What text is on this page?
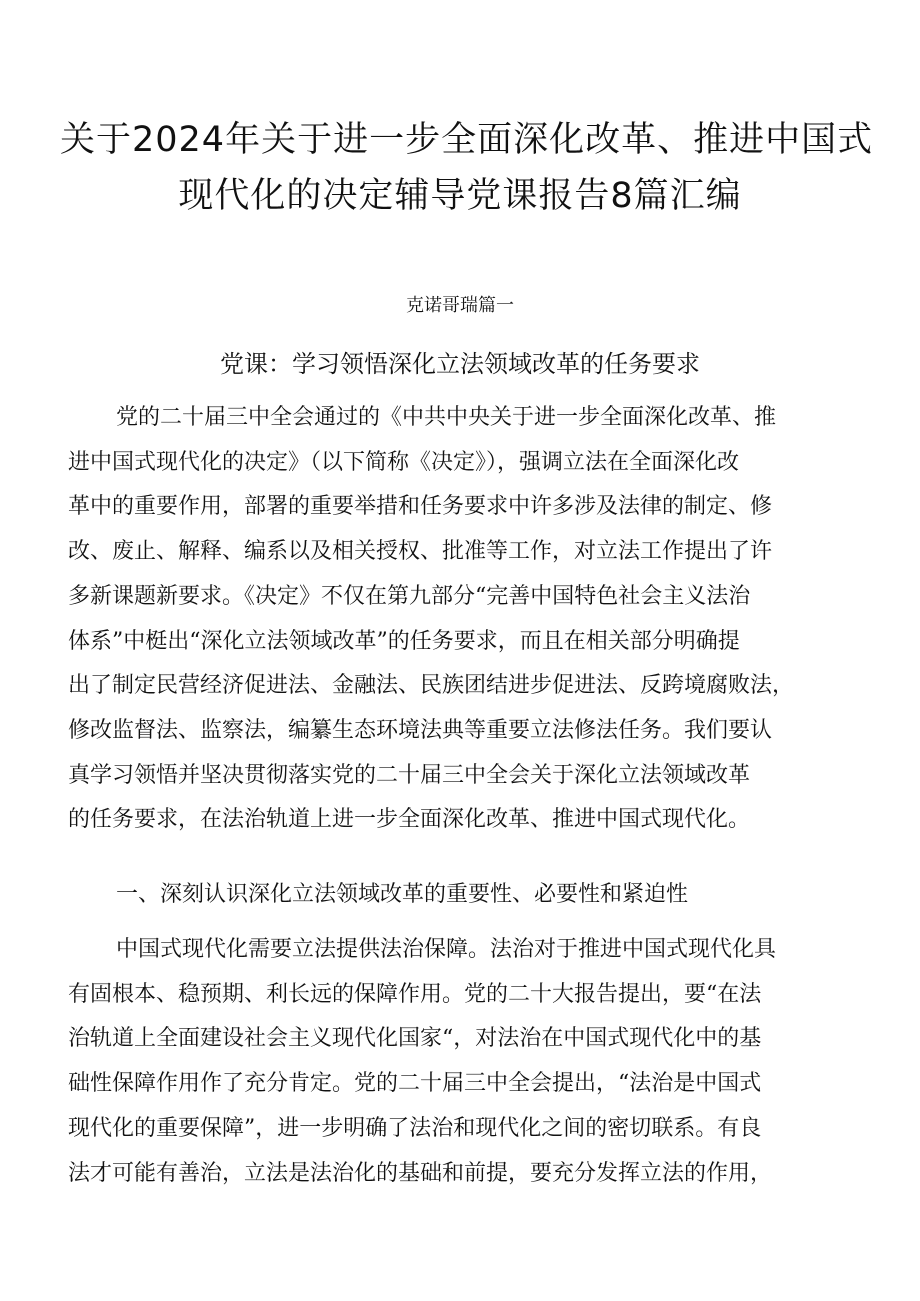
关于2024年关于进一步全面深化改革、推进中国式
现代化的决定辅导党课报告8篇汇编
克诺哥瑞篇一
党课：学习领悟深化立法领域改革的任务要求
党的二十届三中全会通过的《中共中央关于进一步全面深化改革、推
进中国式现代化的决定》（以下简称《决定》），强调立法在全面深化改
革中的重要作用，部署的重要举措和任务要求中许多涉及法律的制定、修
改、废止、解释、编系以及相关授权、批准等工作，对立法工作提出了许
多新课题新要求。《决定》不仅在第九部分“完善中国特色社会主义法治
体系”中梃出“深化立法领域改革”的任务要求，而且在相关部分明确提
出了制定民营经济促进法、金融法、民族团结进步促进法、反跨境腐败法，
修改监督法、监察法，编纂生态环境法典等重要立法修法任务。我们要认
真学习领悟并坚决贯彻落实党的二十届三中全会关于深化立法领域改革
的任务要求，在法治轨道上进一步全面深化改革、推进中国式现代化。
一、深刻认识深化立法领域改革的重要性、必要性和紧迫性
中国式现代化需要立法提供法治保障。法治对于推进中国式现代化具
有固根本、稳预期、利长远的保障作用。党的二十大报告提出，要“在法
治轨道上全面建设社会主义现代化国家“，对法治在中国式现代化中的基
础性保障作用作了充分肯定。党的二十届三中全会提出，“法治是中国式
现代化的重要保障”，进一步明确了法治和现代化之间的密切联系。有良
法才可能有善治，立法是法治化的基础和前提，要充分发挥立法的作用，
